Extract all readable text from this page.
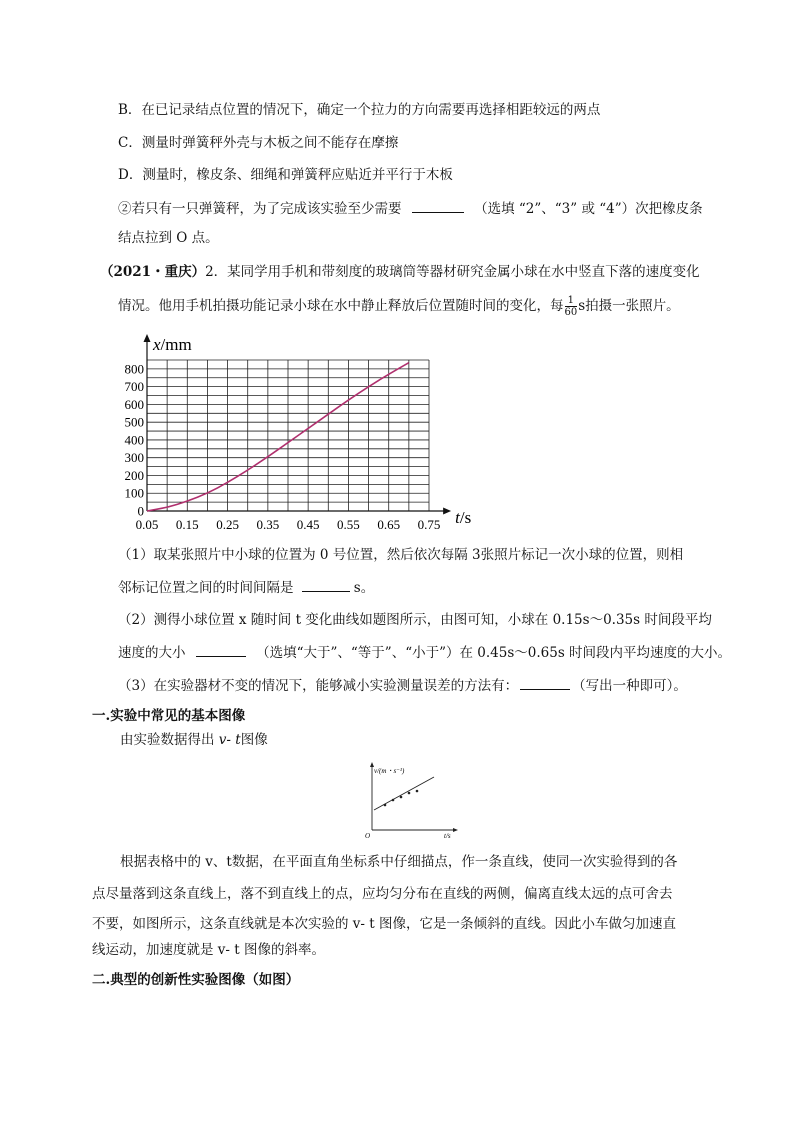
B．在已记录结点位置的情况下，确定一个拉力的方向需要再选择相距较远的两点
C．测量时弹簧秤外壳与木板之间不能存在摩擦
D．测量时，橡皮条、细绳和弹簧秤应贴近并平行于木板
②若只有一只弹簧秤，为了完成该实验至少需要	（选填 “2”、“3” 或 “4”）次把橡皮条
结点拉到 O 点。
（2021・重庆）2．某同学用手机和带刻度的玻璃筒等器材研究金属小球在水中竖直下落的速度变化
情况。他用手机拍摄功能记录小球在水中静止释放后位置随时间的变化，每 $\frac{1}{60}$ s拍摄一张照片。
0.05 0.15 0.25 0.35 0.45 0.55 0.65 0.75
0
100
200
300
400
500
600
700
800
x/mm
t/s
（1）取某张照片中小球的位置为 0 号位置，然后依次每隔 3张照片标记一次小球的位置，则相
邻标记位置之间的时间间隔是	s。
（2）测得小球位置 x 随时间 t 变化曲线如题图所示，由图可知，小球在 0.15s～0.35s 时间段平均
速度的大小	（选填“大于”、“等于”、“小于”）在 0.45s～0.65s 时间段内平均速度的大小。
（3）在实验器材不变的情况下，能够减小实验测量误差的方法有：	（写出一种即可）。
一.实验中常见的基本图像
由实验数据得出 v- t图像
v/(m・s⁻¹)
t/s
O
根据表格中的 v、t数据，在平面直角坐标系中仔细描点，作一条直线，使同一次实验得到的各
点尽量落到这条直线上，落不到直线上的点，应均匀分布在直线的两侧，偏离直线太远的点可舍去
不要，如图所示，这条直线就是本次实验的 v- t 图像，它是一条倾斜的直线。因此小车做匀加速直
线运动，加速度就是 v- t 图像的斜率。
二.典型的创新性实验图像（如图）
